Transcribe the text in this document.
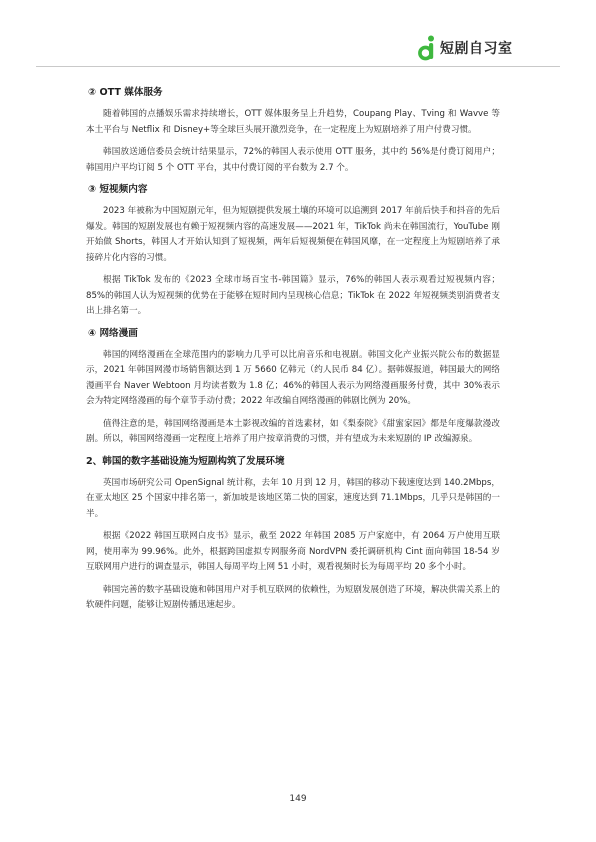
短剧自习室
② OTT 媒体服务

随着韩国的点播娱乐需求持续增长，OTT 媒体服务呈上升趋势，Coupang Play、Tving 和 Wavve 等本土平台与 Netflix 和 Disney+等全球巨头展开激烈竞争，在一定程度上为短剧培养了用户付费习惯。

韩国放送通信委员会统计结果显示，72%的韩国人表示使用 OTT 服务，其中约 56%是付费订阅用户；韩国用户平均订阅 5 个 OTT 平台，其中付费订阅的平台数为 2.7 个。

③ 短视频内容

2023 年被称为中国短剧元年，但为短剧提供发展土壤的环境可以追溯到 2017 年前后快手和抖音的先后爆发。韩国的短剧发展也有赖于短视频内容的高速发展——2021 年，TikTok 尚未在韩国流行，YouTube 刚开始做 Shorts，韩国人才开始认知到了短视频，两年后短视频便在韩国风靡，在一定程度上为短剧培养了承接碎片化内容的习惯。

根据 TikTok 发布的《2023 全球市场百宝书-韩国篇》显示，76%的韩国人表示观看过短视频内容；85%的韩国人认为短视频的优势在于能够在短时间内呈现核心信息；TikTok 在 2022 年短视频类别消费者支出上排名第一。

④ 网络漫画

韩国的网络漫画在全球范围内的影响力几乎可以比肩音乐和电视剧。韩国文化产业振兴院公布的数据显示，2021 年韩国网漫市场销售额达到 1 万 5660 亿韩元（约人民币 84 亿）。据韩媒报道，韩国最大的网络漫画平台 Naver Webtoon 月均读者数为 1.8 亿；46%的韩国人表示为网络漫画服务付费，其中 30%表示会为特定网络漫画的每个章节手动付费；2022 年改编自网络漫画的韩剧比例为 20%。

值得注意的是，韩国网络漫画是本土影视改编的首选素材，如《梨泰院》《甜蜜家园》都是年度爆款漫改剧。所以，韩国网络漫画一定程度上培养了用户按章消费的习惯，并有望成为未来短剧的 IP 改编源泉。

2、韩国的数字基础设施为短剧构筑了发展环境

英国市场研究公司 OpenSignal 统计称，去年 10 月到 12 月，韩国的移动下载速度达到 140.2Mbps，在亚太地区 25 个国家中排名第一，新加坡是该地区第二快的国家，速度达到 71.1Mbps，几乎只是韩国的一半。

根据《2022 韩国互联网白皮书》显示，截至 2022 年韩国 2085 万户家庭中，有 2064 万户使用互联网，使用率为 99.96%。此外，根据跨国虚拟专网服务商 NordVPN 委托调研机构 Cint 面向韩国 18-54 岁互联网用户进行的调查显示，韩国人每周平均上网 51 小时，观看视频时长为每周平均 20 多个小时。

韩国完善的数字基础设施和韩国用户对手机互联网的依赖性，为短剧发展创造了环境，解决供需关系上的软硬件问题，能够让短剧传播迅速起步。

149
